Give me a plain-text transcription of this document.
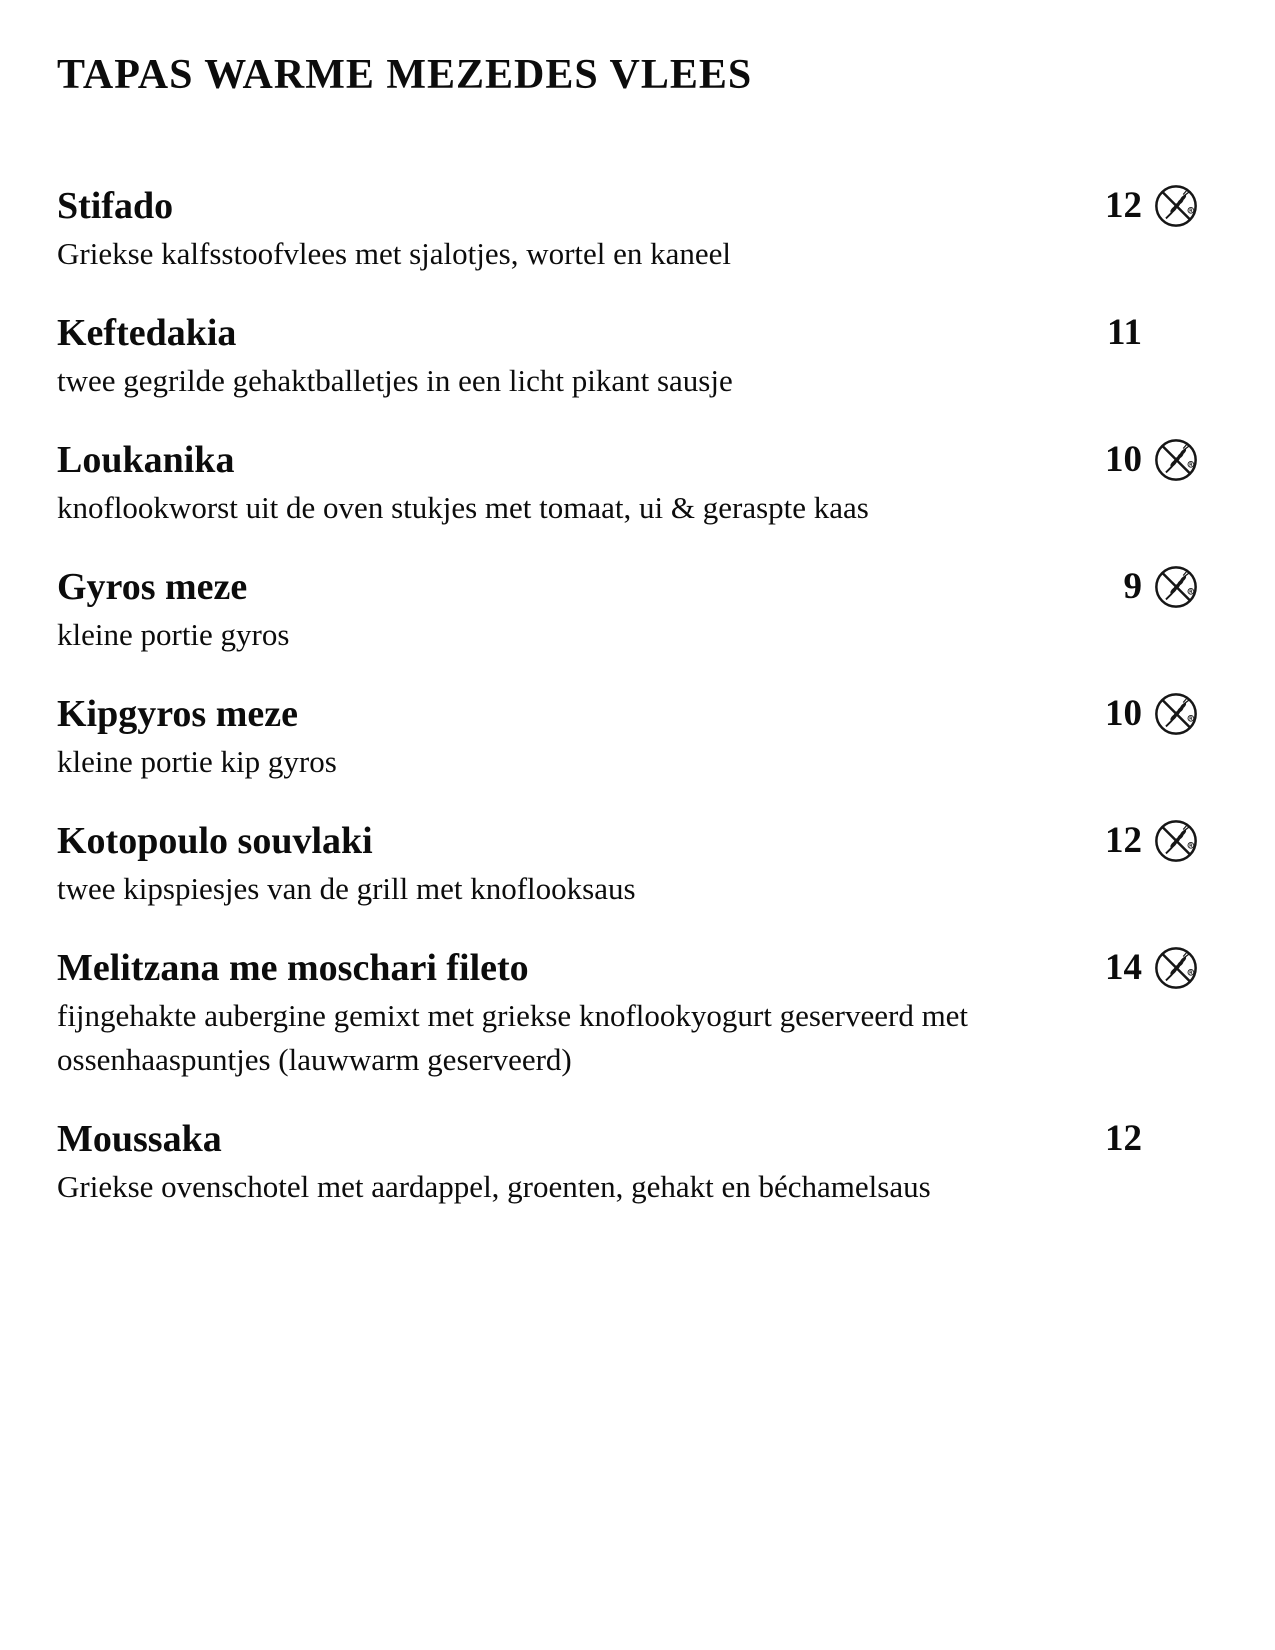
TAPAS WARME MEZEDES VLEES
Stifado	12
Griekse kalfsstoofvlees met sjalotjes, wortel en kaneel
Keftedakia	11
twee gegrilde gehaktballetjes in een licht pikant sausje
Loukanika	10
knoflookworst uit de oven stukjes met tomaat, ui & geraspte kaas
Gyros meze	9
kleine portie gyros
Kipgyros meze	10
kleine portie kip gyros
Kotopoulo souvlaki	12
twee kipspiesjes van de grill met knoflooksaus
Melitzana me moschari fileto	14
fijngehakte aubergine gemixt met griekse knoflookyogurt geserveerd met ossenhaaspuntjes (lauwwarm geserveerd)
Moussaka	12
Griekse ovenschotel met aardappel, groenten, gehakt en béchamelsaus
